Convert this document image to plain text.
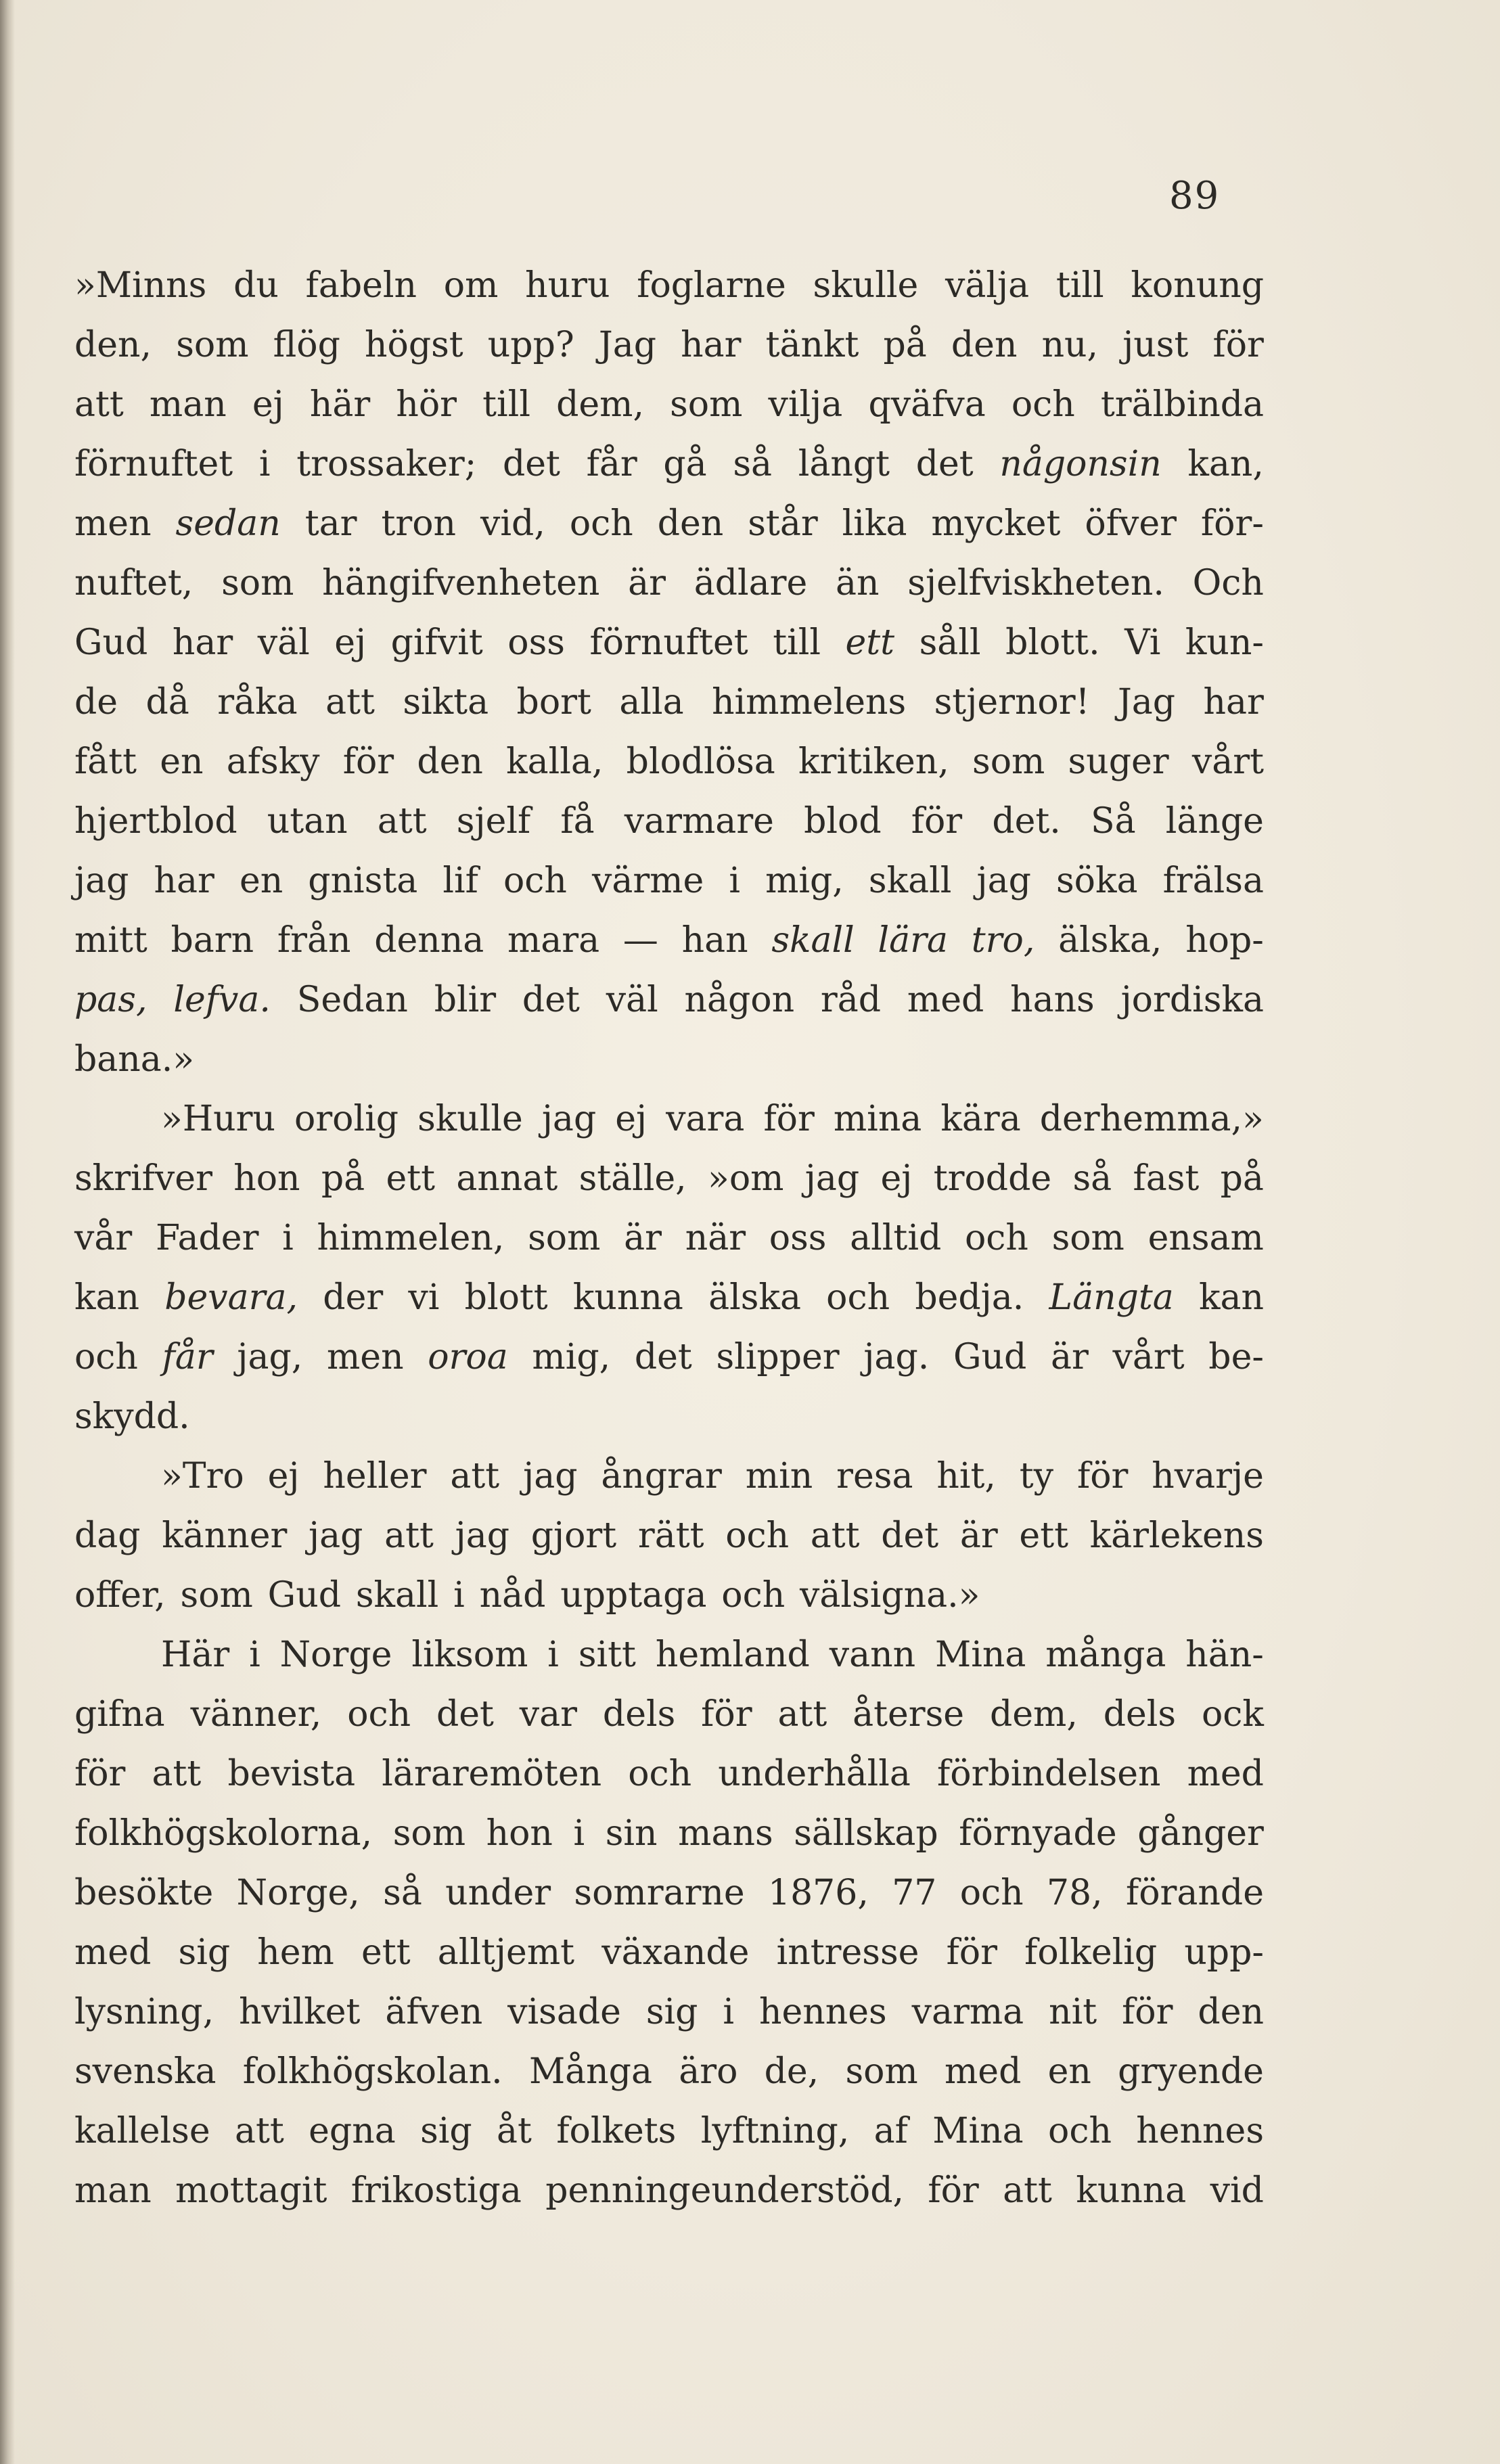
89
»Minns du fabeln om huru foglarne skulle välja till konung
den, som flög högst upp? Jag har tänkt på den nu, just för
att man ej här hör till dem, som vilja qväfva och trälbinda
förnuftet i trossaker; det får gå så långt det någonsin kan,
men sedan tar tron vid, och den står lika mycket öfver för-
nuftet, som hängifvenheten är ädlare än sjelfviskheten. Och
Gud har väl ej gifvit oss förnuftet till ett såll blott. Vi kun-
de då råka att sikta bort alla himmelens stjernor! Jag har
fått en afsky för den kalla, blodlösa kritiken, som suger vårt
hjertblod utan att sjelf få varmare blod för det. Så länge
jag har en gnista lif och värme i mig, skall jag söka frälsa
mitt barn från denna mara — han skall lära tro, älska, hop-
pas, lefva. Sedan blir det väl någon råd med hans jordiska
bana.»
»Huru orolig skulle jag ej vara för mina kära derhemma,»
skrifver hon på ett annat ställe, »om jag ej trodde så fast på
vår Fader i himmelen, som är när oss alltid och som ensam
kan bevara, der vi blott kunna älska och bedja. Längta kan
och får jag, men oroa mig, det slipper jag. Gud är vårt be-
skydd.
»Tro ej heller att jag ångrar min resa hit, ty för hvarje
dag känner jag att jag gjort rätt och att det är ett kärlekens
offer, som Gud skall i nåd upptaga och välsigna.»
Här i Norge liksom i sitt hemland vann Mina många hän-
gifna vänner, och det var dels för att återse dem, dels ock
för att bevista läraremöten och underhålla förbindelsen med
folkhögskolorna, som hon i sin mans sällskap förnyade gånger
besökte Norge, så under somrarne 1876, 77 och 78, förande
med sig hem ett alltjemt växande intresse för folkelig upp-
lysning, hvilket äfven visade sig i hennes varma nit för den
svenska folkhögskolan. Många äro de, som med en gryende
kallelse att egna sig åt folkets lyftning, af Mina och hennes
man mottagit frikostiga penningeunderstöd, för att kunna vid
